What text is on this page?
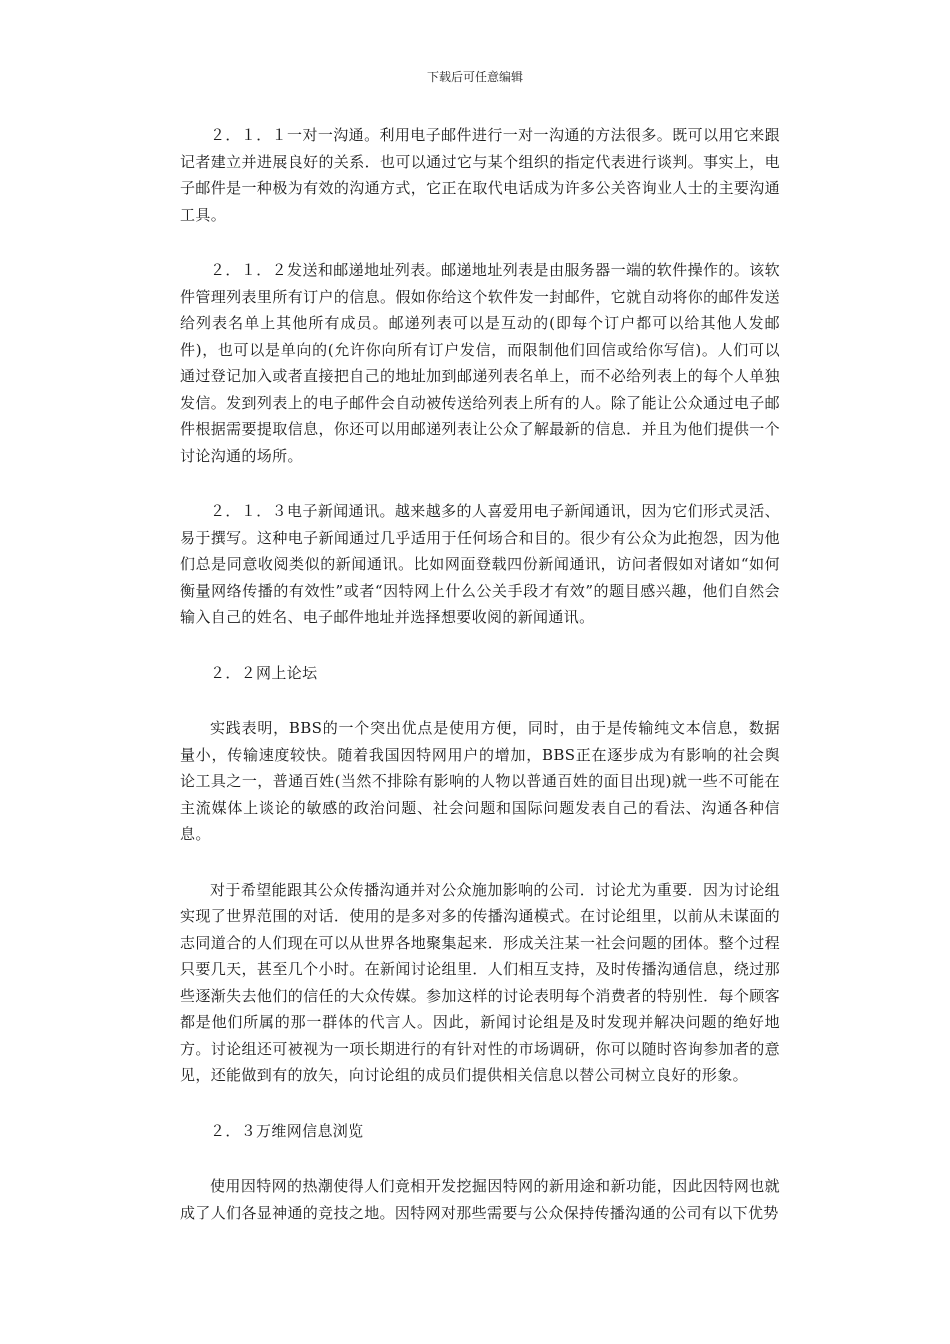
下载后可任意编辑

２．１．１一对一沟通。利用电子邮件进行一对一沟通的方法很多。既可以用它来跟记者建立并进展良好的关系．也可以通过它与某个组织的指定代表进行谈判。事实上，电子邮件是一种极为有效的沟通方式，它正在取代电话成为许多公关咨询业人士的主要沟通工具。

２．１．２发送和邮递地址列表。邮递地址列表是由服务器一端的软件操作的。该软件管理列表里所有订户的信息。假如你给这个软件发一封邮件，它就自动将你的邮件发送给列表名单上其他所有成员。邮递列表可以是互动的(即每个订户都可以给其他人发邮件)，也可以是单向的(允许你向所有订户发信，而限制他们回信或给你写信)。人们可以通过登记加入或者直接把自己的地址加到邮递列表名单上，而不必给列表上的每个人单独发信。发到列表上的电子邮件会自动被传送给列表上所有的人。除了能让公众通过电子邮件根据需要提取信息，你还可以用邮递列表让公众了解最新的信息．并且为他们提供一个讨论沟通的场所。

２．１．３电子新闻通讯。越来越多的人喜爱用电子新闻通讯，因为它们形式灵活、易于撰写。这种电子新闻通过几乎适用于任何场合和目的。很少有公众为此抱怨，因为他们总是同意收阅类似的新闻通讯。比如网面登载四份新闻通讯，访问者假如对诸如“如何衡量网络传播的有效性”或者“因特网上什么公关手段才有效”的题目感兴趣，他们自然会输入自己的姓名、电子邮件地址并选择想要收阅的新闻通讯。

２．２网上论坛

实践表明，BBS的一个突出优点是使用方便，同时，由于是传输纯文本信息，数据量小，传输速度较快。随着我国因特网用户的增加，BBS正在逐步成为有影响的社会舆论工具之一，普通百姓(当然不排除有影响的人物以普通百姓的面目出现)就一些不可能在主流媒体上谈论的敏感的政治问题、社会问题和国际问题发表自己的看法、沟通各种信息。

对于希望能跟其公众传播沟通并对公众施加影响的公司．讨论尤为重要．因为讨论组实现了世界范围的对话．使用的是多对多的传播沟通模式。在讨论组里，以前从未谋面的志同道合的人们现在可以从世界各地聚集起来．形成关注某一社会问题的团体。整个过程只要几天，甚至几个小时。在新闻讨论组里．人们相互支持，及时传播沟通信息，绕过那些逐渐失去他们的信任的大众传媒。参加这样的讨论表明每个消费者的特别性．每个顾客都是他们所属的那一群体的代言人。因此，新闻讨论组是及时发现并解决问题的绝好地方。讨论组还可被视为一项长期进行的有针对性的市场调研，你可以随时咨询参加者的意见，还能做到有的放矢，向讨论组的成员们提供相关信息以替公司树立良好的形象。

２．３万维网信息浏览

使用因特网的热潮使得人们竟相开发挖掘因特网的新用途和新功能，因此因特网也就成了人们各显神通的竞技之地。因特网对那些需要与公众保持传播沟通的公司有以下优势
